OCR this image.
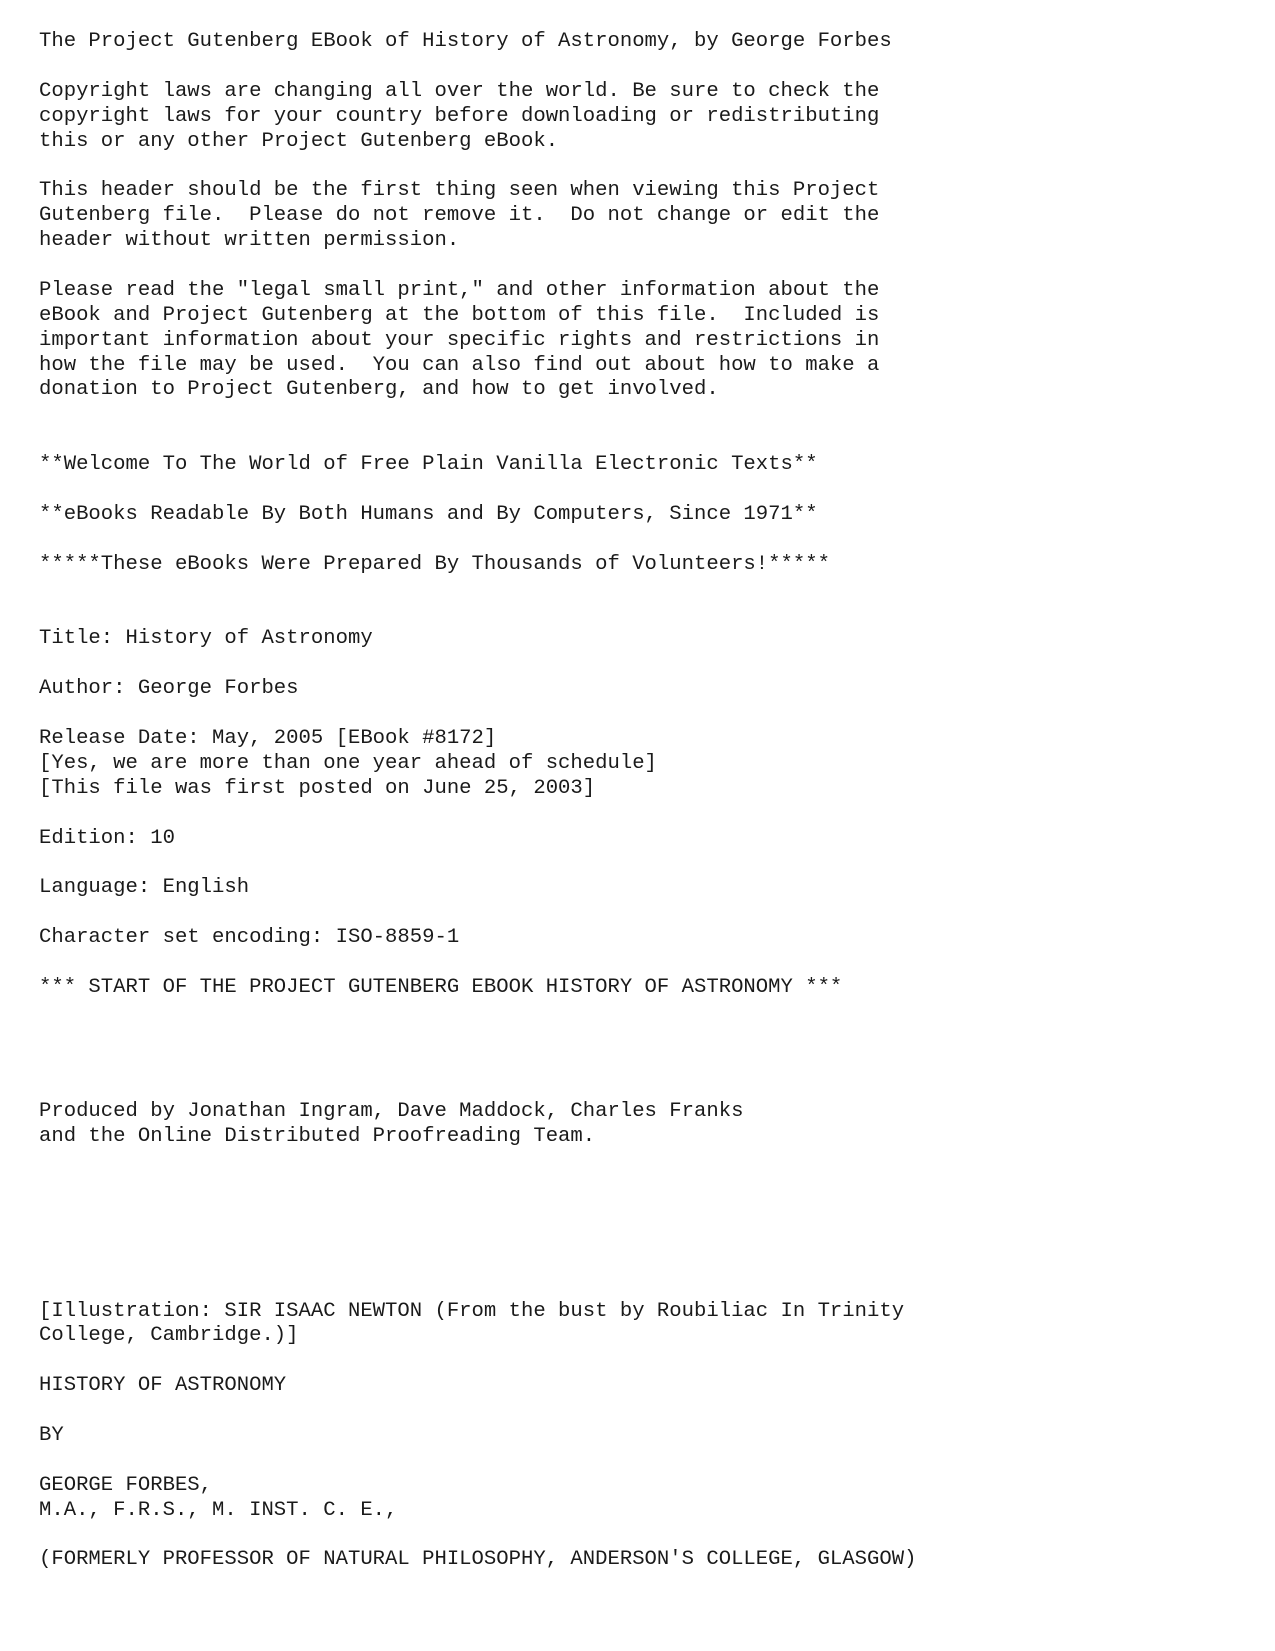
The Project Gutenberg EBook of History of Astronomy, by George Forbes
Copyright laws are changing all over the world. Be sure to check the
copyright laws for your country before downloading or redistributing
this or any other Project Gutenberg eBook.
This header should be the first thing seen when viewing this Project
Gutenberg file.  Please do not remove it.  Do not change or edit the
header without written permission.
Please read the "legal small print," and other information about the
eBook and Project Gutenberg at the bottom of this file.  Included is
important information about your specific rights and restrictions in
how the file may be used.  You can also find out about how to make a
donation to Project Gutenberg, and how to get involved.
**Welcome To The World of Free Plain Vanilla Electronic Texts**
**eBooks Readable By Both Humans and By Computers, Since 1971**
*****These eBooks Were Prepared By Thousands of Volunteers!*****
Title: History of Astronomy
Author: George Forbes
Release Date: May, 2005 [EBook #8172]
[Yes, we are more than one year ahead of schedule]
[This file was first posted on June 25, 2003]
Edition: 10
Language: English
Character set encoding: ISO-8859-1
*** START OF THE PROJECT GUTENBERG EBOOK HISTORY OF ASTRONOMY ***
Produced by Jonathan Ingram, Dave Maddock, Charles Franks
and the Online Distributed Proofreading Team.
[Illustration: SIR ISAAC NEWTON (From the bust by Roubiliac In Trinity
College, Cambridge.)]
HISTORY OF ASTRONOMY
BY
GEORGE FORBES,
M.A., F.R.S., M. INST. C. E.,
(FORMERLY PROFESSOR OF NATURAL PHILOSOPHY, ANDERSON'S COLLEGE, GLASGOW)
